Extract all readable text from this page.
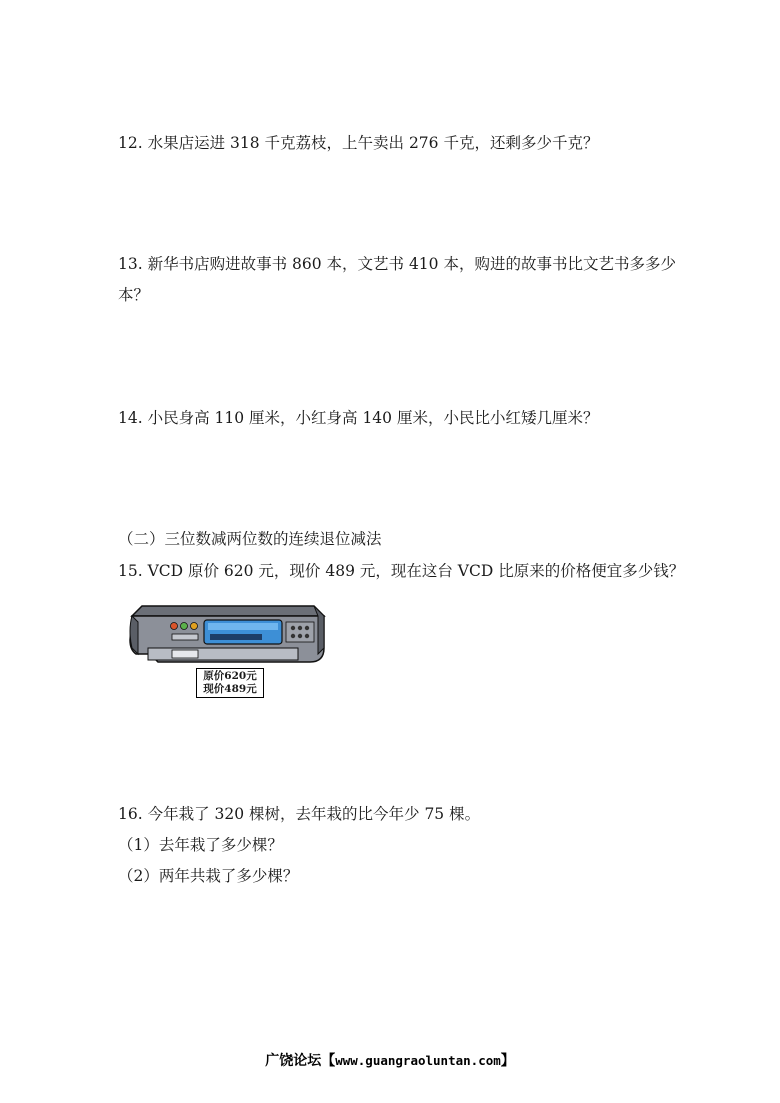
12. 水果店运进 318 千克荔枝，上午卖出 276 千克，还剩多少千克？
13. 新华书店购进故事书 860 本，文艺书 410 本，购进的故事书比文艺书多多少
本？
14. 小民身高 110 厘米，小红身高 140 厘米，小民比小红矮几厘米？
（二）三位数减两位数的连续退位减法
15. VCD 原价 620 元，现价 489 元，现在这台 VCD 比原来的价格便宜多少钱？
原价620元
现价489元
16. 今年栽了 320 棵树，去年栽的比今年少 75 棵。
（1）去年栽了多少棵？
（2）两年共栽了多少棵？
广饶论坛【www.guangraoluntan.com】
